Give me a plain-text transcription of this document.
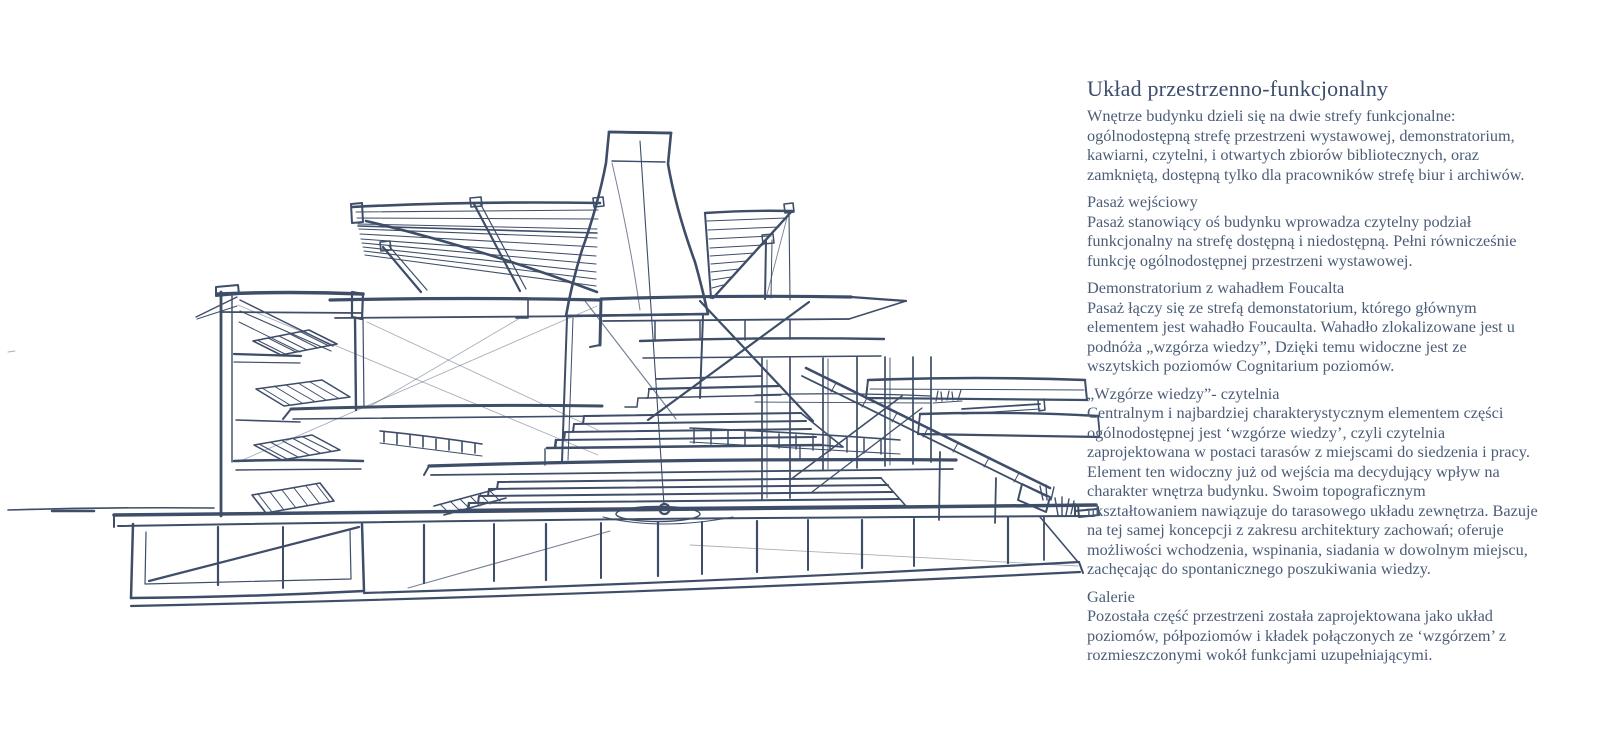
Układ przestrzenno-funkcjonalny

Wnętrze budynku dzieli się na dwie strefy funkcjonalne: ogólnodostępną strefę przestrzeni wystawowej, demonstratorium, kawiarni, czytelni, i otwartych zbiorów bibliotecznych, oraz zamkniętą, dostępną tylko dla pracowników strefę biur i archiwów.

Pasaż wejściowy

Pasaż stanowiący oś budynku wprowadza czytelny podział funkcjonalny na strefę dostępną i niedostępną. Pełni równicześnie funkcję ogólnodostępnej przestrzeni wystawowej.

Demonstratorium z wahadłem Foucalta

Pasaż łączy się ze strefą demonstatorium, którego głównym elementem jest wahadło Foucaulta. Wahadło zlokalizowane jest u podnóża „wzgórza wiedzy”, Dzięki temu widoczne jest ze wszytskich poziomów Cognitarium poziomów.

„Wzgórze wiedzy”- czytelnia

Centralnym i najbardziej charakterystycznym elementem części ogólnodostępnej jest ‘wzgórze wiedzy’, czyli czytelnia zaprojektowana w postaci tarasów z miejscami do siedzenia i pracy. Element ten widoczny już od wejścia ma decydujący wpływ na charakter wnętrza budynku. Swoim topograficznym ukształtowaniem nawiązuje do tarasowego układu zewnętrza. Bazuje na tej samej koncepcji z zakresu architektury zachowań; oferuje możliwości wchodzenia, wspinania, siadania w dowolnym miejscu, zachęcając do spontanicznego poszukiwania wiedzy.

Galerie

Pozostała część przestrzeni została zaprojektowana jako układ poziomów, półpoziomów i kładek połączonych ze ‘wzgórzem’ z rozmieszczonymi wokół funkcjami uzupełniającymi.
